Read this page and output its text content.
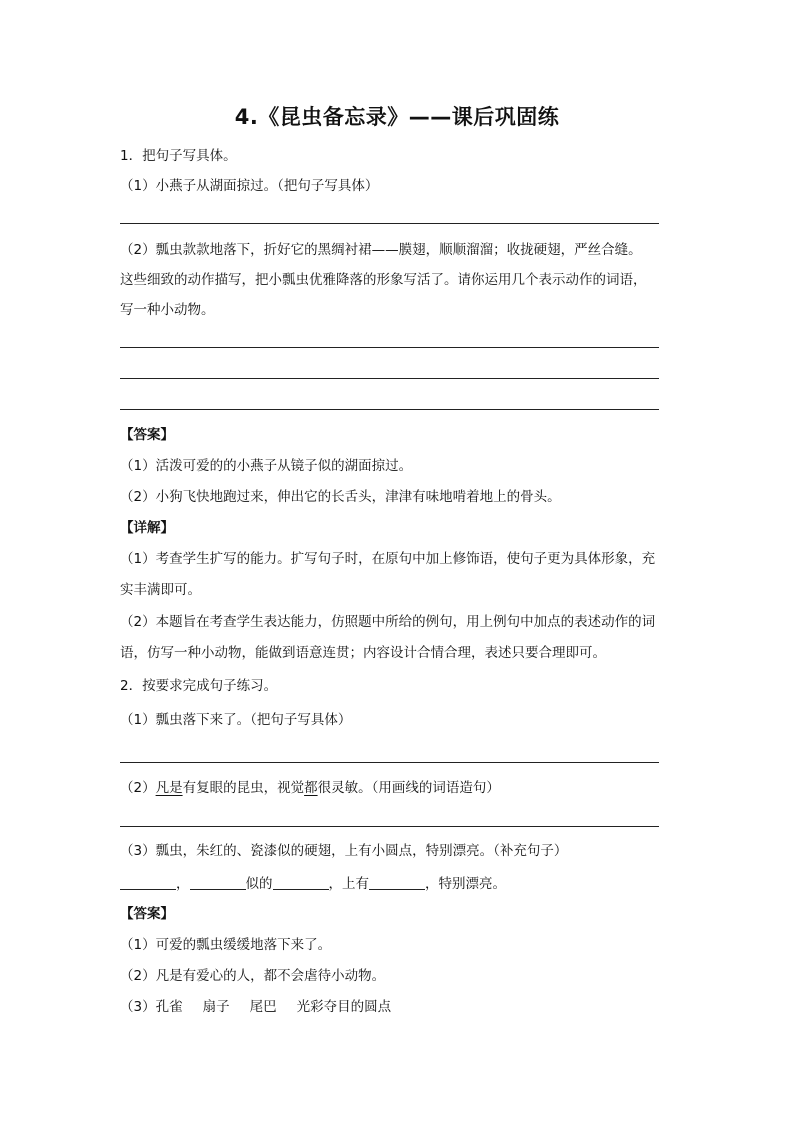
4.《昆虫备忘录》——课后巩固练
1．把句子写具体。
（1）小燕子从湖面掠过。（把句子写具体）
（2）瓢虫款款地落下，折好它的黑绸衬裙——膜翅，顺顺溜溜；收拢硬翅，严丝合缝。
这些细致的动作描写，把小瓢虫优雅降落的形象写活了。请你运用几个表示动作的词语，
写一种小动物。
【答案】
（1）活泼可爱的的小燕子从镜子似的湖面掠过。
（2）小狗飞快地跑过来，伸出它的长舌头，津津有味地啃着地上的骨头。
【详解】
（1）考查学生扩写的能力。扩写句子时，在原句中加上修饰语，使句子更为具体形象，充
实丰满即可。
（2）本题旨在考查学生表达能力，仿照题中所给的例句，用上例句中加点的表述动作的词
语，仿写一种小动物，能做到语意连贯；内容设计合情合理，表述只要合理即可。
2．按要求完成句子练习。
（1）瓢虫落下来了。（把句子写具体）
（2）凡是有复眼的昆虫，视觉都很灵敏。（用画线的词语造句）
（3）瓢虫，朱红的、瓷漆似的硬翅，上有小圆点，特别漂亮。（补充句子）
，	似的	，上有	，特别漂亮。
【答案】
（1）可爱的瓢虫缓缓地落下来了。
（2）凡是有爱心的人，都不会虐待小动物。
（3）孔雀 扇子 尾巴 光彩夺目的圆点
